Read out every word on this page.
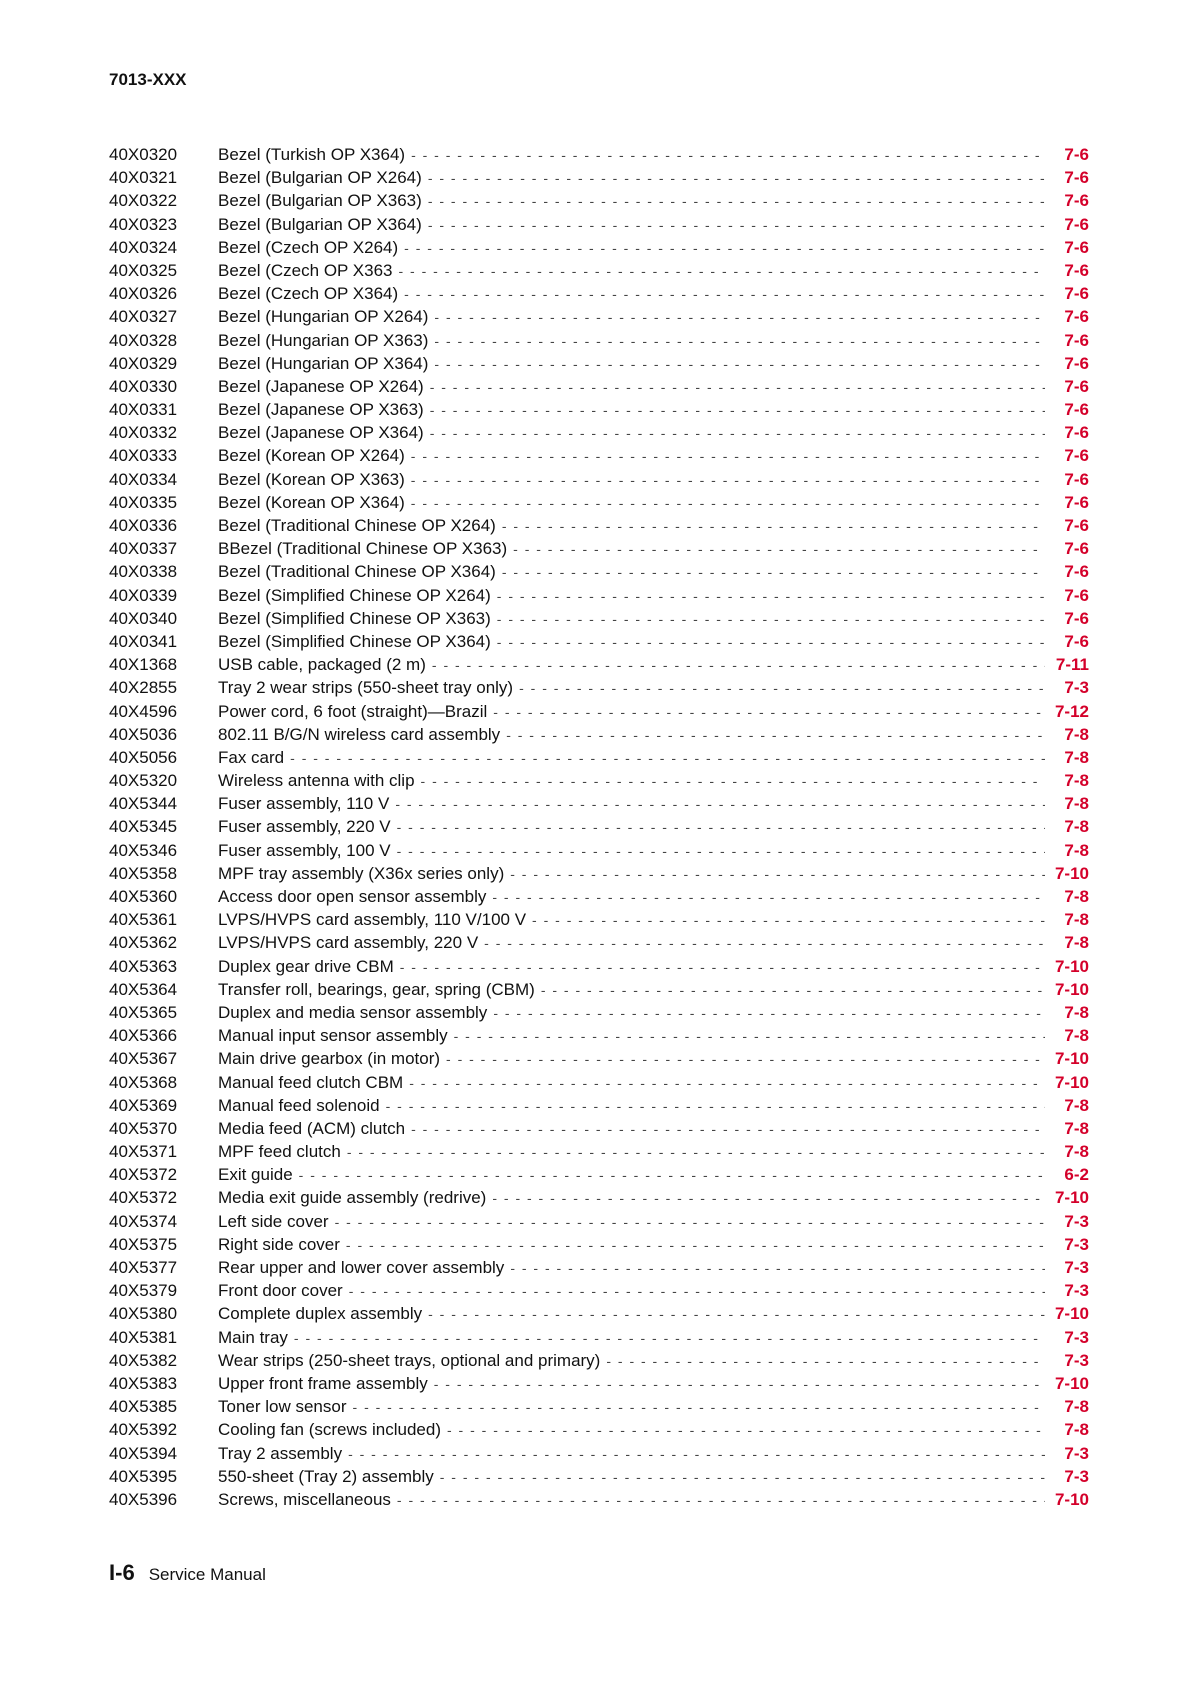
7013-XXX
40X0320	Bezel (Turkish OP X364) - - -	7-6
40X0321	Bezel (Bulgarian OP X264) - - -	7-6
40X0322	Bezel (Bulgarian OP X363) - - -	7-6
40X0323	Bezel (Bulgarian OP X364) - - -	7-6
40X0324	Bezel (Czech OP X264) - - -	7-6
40X0325	Bezel (Czech OP X363 - - -	7-6
40X0326	Bezel (Czech OP X364) - - -	7-6
40X0327	Bezel (Hungarian OP X264) - - -	7-6
40X0328	Bezel (Hungarian OP X363) - - -	7-6
40X0329	Bezel (Hungarian OP X364) - - -	7-6
40X0330	Bezel (Japanese OP X264) - - -	7-6
40X0331	Bezel (Japanese OP X363) - - -	7-6
40X0332	Bezel (Japanese OP X364) - - -	7-6
40X0333	Bezel (Korean OP X264) - - -	7-6
40X0334	Bezel (Korean OP X363) - - -	7-6
40X0335	Bezel (Korean OP X364) - - -	7-6
40X0336	Bezel (Traditional Chinese OP X264) - - -	7-6
40X0337	BBezel (Traditional Chinese OP X363) - - -	7-6
40X0338	Bezel (Traditional Chinese OP X364) - - -	7-6
40X0339	Bezel (Simplified Chinese OP X264) - - -	7-6
40X0340	Bezel (Simplified Chinese OP X363) - - -	7-6
40X0341	Bezel (Simplified Chinese OP X364) - - -	7-6
40X1368	USB cable, packaged (2 m) - - -	7-11
40X2855	Tray 2 wear strips (550-sheet tray only) - - -	7-3
40X4596	Power cord, 6 foot (straight)—Brazil - - -	7-12
40X5036	802.11 B/G/N wireless card assembly - - -	7-8
40X5056	Fax card - - -	7-8
40X5320	Wireless antenna with clip - - -	7-8
40X5344	Fuser assembly, 110 V - - -	7-8
40X5345	Fuser assembly, 220 V - - -	7-8
40X5346	Fuser assembly, 100 V - - -	7-8
40X5358	MPF tray assembly (X36x series only) - - -	7-10
40X5360	Access door open sensor assembly - - -	7-8
40X5361	LVPS/HVPS card assembly, 110 V/100 V - - -	7-8
40X5362	LVPS/HVPS card assembly, 220 V - - -	7-8
40X5363	Duplex gear drive CBM - - -	7-10
40X5364	Transfer roll, bearings, gear, spring (CBM) - - -	7-10
40X5365	Duplex and media sensor assembly - - -	7-8
40X5366	Manual input sensor assembly - - -	7-8
40X5367	Main drive gearbox (in motor) - - -	7-10
40X5368	Manual feed clutch CBM - - -	7-10
40X5369	Manual feed solenoid - - -	7-8
40X5370	Media feed (ACM) clutch - - -	7-8
40X5371	MPF feed clutch - - -	7-8
40X5372	Exit guide - - -	6-2
40X5372	Media exit guide assembly (redrive) - - -	7-10
40X5374	Left side cover - - -	7-3
40X5375	Right side cover - - -	7-3
40X5377	Rear upper and lower cover assembly - - -	7-3
40X5379	Front door cover - - -	7-3
40X5380	Complete duplex assembly - - -	7-10
40X5381	Main tray - - -	7-3
40X5382	Wear strips (250-sheet trays, optional and primary) - - -	7-3
40X5383	Upper front frame assembly - - -	7-10
40X5385	Toner low sensor - - -	7-8
40X5392	Cooling fan (screws included) - - -	7-8
40X5394	Tray 2 assembly - - -	7-3
40X5395	550-sheet (Tray 2) assembly - - -	7-3
40X5396	Screws, miscellaneous - - -	7-10
I-6 Service Manual
